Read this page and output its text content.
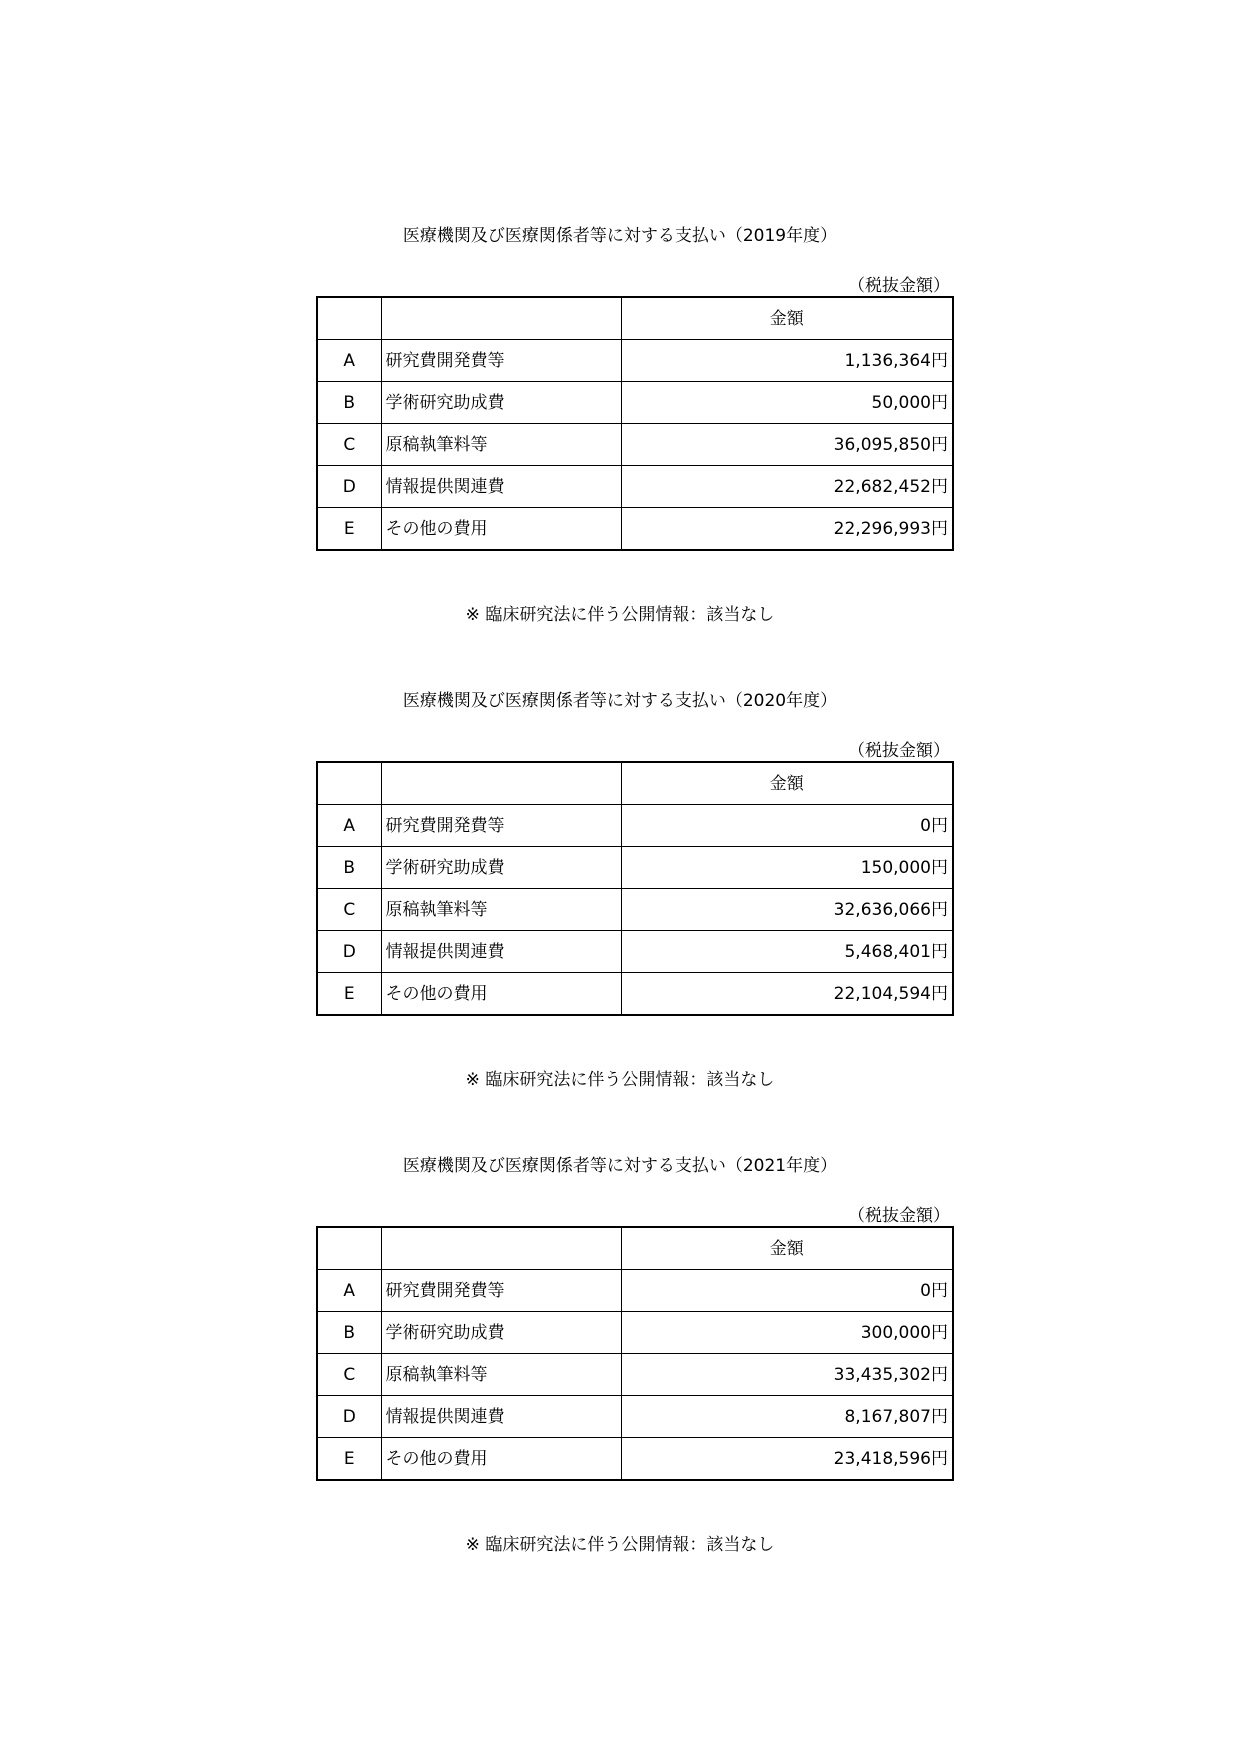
医療機関及び医療関係者等に対する支払い（2019年度）
（税抜金額）
		金額
A	研究費開発費等	1,136,364円
B	学術研究助成費	50,000円
C	原稿執筆料等	36,095,850円
D	情報提供関連費	22,682,452円
E	その他の費用	22,296,993円
※ 臨床研究法に伴う公開情報：該当なし
医療機関及び医療関係者等に対する支払い（2020年度）
（税抜金額）
		金額
A	研究費開発費等	0円
B	学術研究助成費	150,000円
C	原稿執筆料等	32,636,066円
D	情報提供関連費	5,468,401円
E	その他の費用	22,104,594円
※ 臨床研究法に伴う公開情報：該当なし
医療機関及び医療関係者等に対する支払い（2021年度）
（税抜金額）
		金額
A	研究費開発費等	0円
B	学術研究助成費	300,000円
C	原稿執筆料等	33,435,302円
D	情報提供関連費	8,167,807円
E	その他の費用	23,418,596円
※ 臨床研究法に伴う公開情報：該当なし
